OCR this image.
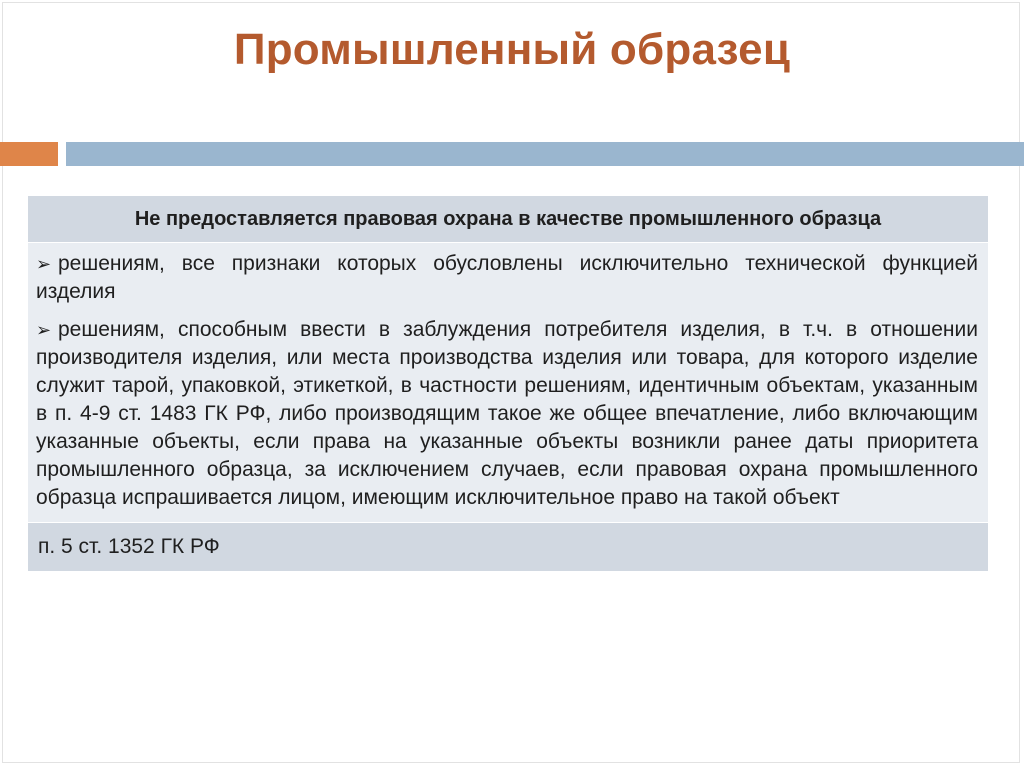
Промышленный образец
Не предоставляется правовая охрана в качестве промышленного образца

➢ решениям, все признаки которых обусловлены исключительно технической функцией изделия

➢ решениям, способным ввести в заблуждения потребителя изделия, в т.ч. в отношении производителя изделия, или места производства изделия или товара, для которого изделие служит тарой, упаковкой, этикеткой, в частности решениям, идентичным объектам, указанным в п. 4-9 ст. 1483 ГК РФ, либо производящим такое же общее впечатление, либо включающим указанные объекты, если права на указанные объекты возникли ранее даты приоритета промышленного образца, за исключением случаев, если правовая охрана промышленного образца испрашивается лицом, имеющим исключительное право на такой объект

п. 5 ст. 1352 ГК РФ
